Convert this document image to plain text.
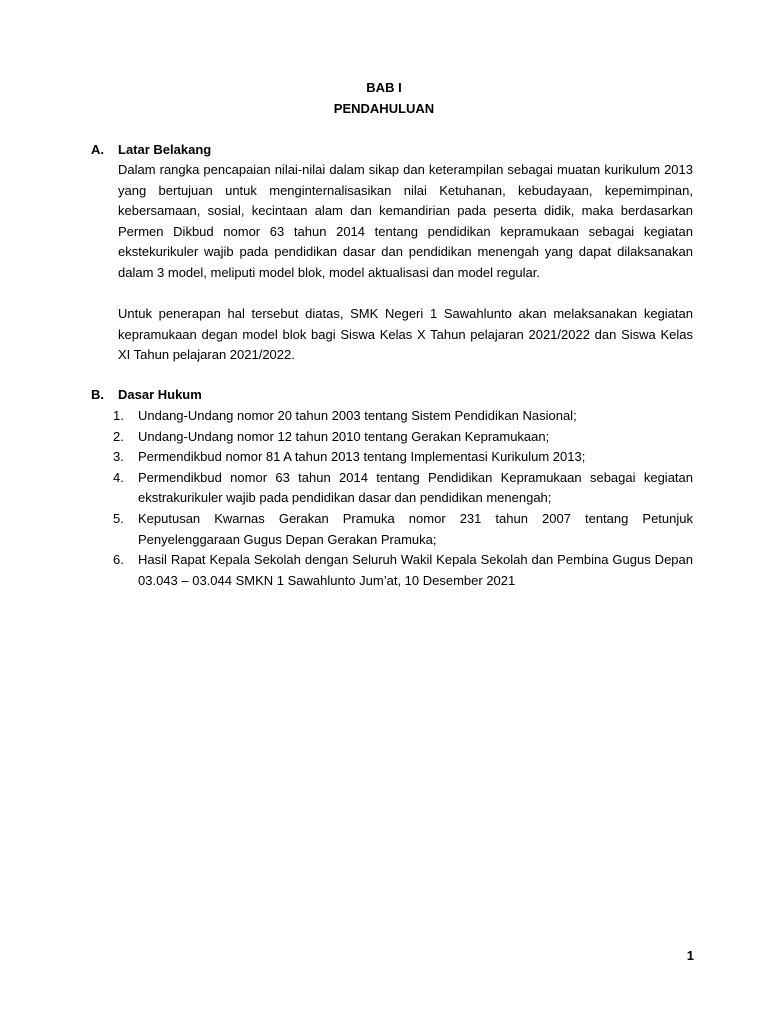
BAB I
PENDAHULUAN
A. Latar Belakang

Dalam rangka pencapaian nilai-nilai dalam sikap dan keterampilan sebagai muatan kurikulum 2013 yang bertujuan untuk menginternalisasikan nilai Ketuhanan, kebudayaan, kepemimpinan, kebersamaan, sosial, kecintaan alam dan kemandirian pada peserta didik, maka berdasarkan Permen Dikbud nomor 63 tahun 2014 tentang pendidikan kepramukaan sebagai kegiatan ekstekurikuler wajib pada pendidikan dasar dan pendidikan menengah yang dapat dilaksanakan dalam 3 model, meliputi model blok, model aktualisasi dan model regular.

Untuk penerapan hal tersebut diatas, SMK Negeri 1 Sawahlunto akan melaksanakan kegiatan kepramukaan degan model blok bagi Siswa Kelas X Tahun pelajaran 2021/2022 dan Siswa Kelas XI Tahun pelajaran 2021/2022.

B. Dasar Hukum
1. Undang-Undang nomor 20 tahun 2003 tentang Sistem Pendidikan Nasional;
2. Undang-Undang nomor 12 tahun 2010 tentang Gerakan Kepramukaan;
3. Permendikbud nomor 81 A tahun 2013 tentang Implementasi Kurikulum 2013;
4. Permendikbud nomor 63 tahun 2014 tentang Pendidikan Kepramukaan sebagai kegiatan ekstrakurikuler wajib pada pendidikan dasar dan pendidikan menengah;
5. Keputusan Kwarnas Gerakan Pramuka nomor 231 tahun 2007 tentang Petunjuk Penyelenggaraan Gugus Depan Gerakan Pramuka;
6. Hasil Rapat Kepala Sekolah dengan Seluruh Wakil Kepala Sekolah dan Pembina Gugus Depan 03.043 – 03.044 SMKN 1 Sawahlunto Jum’at, 10 Desember 2021
1
